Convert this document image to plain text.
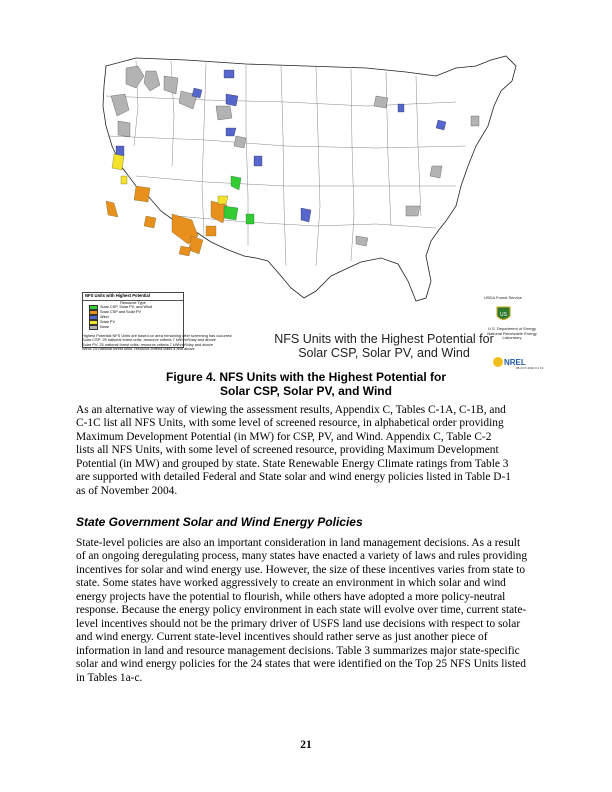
NFS Units with Highest Potential
Resource Type
Solar CSP, Solar PV, and Wind
Solar CSP and Solar PV
Wind
Solar PV
None
Highest Potential NFS Units are based on area remaining after screening has occurred:
Solar CSP: 25 national forest units, resource criteria 7 kWh/m²/day and above
Solar PV: 25 national forest units, resource criteria 7 kWh/m²/day and above
Wind: 25 national forest units, resource criteria class 4 and above
NFS Units with the Highest Potential for
Solar CSP, Solar PV, and Wind
USDA Forest Service
US
U.S. Department of Energy National Renewable Energy Laboratory
NREL
08-OCT-2004 0.1.19
Figure 4. NFS Units with the Highest Potential for
Solar CSP, Solar PV, and Wind

As an alternative way of viewing the assessment results, Appendix C, Tables C-1A, C-1B, and
C-1C list all NFS Units, with some level of screened resource, in alphabetical order providing
Maximum Development Potential (in MW) for CSP, PV, and Wind. Appendix C, Table C-2
lists all NFS Units, with some level of screened resource, providing Maximum Development
Potential (in MW) and grouped by state. State Renewable Energy Climate ratings from Table 3
are supported with detailed Federal and State solar and wind energy policies listed in Table D-1
as of November 2004.

State Government Solar and Wind Energy Policies

State-level policies are also an important consideration in land management decisions. As a result
of an ongoing deregulating process, many states have enacted a variety of laws and rules providing
incentives for solar and wind energy use. However, the size of these incentives varies from state to
state. Some states have worked aggressively to create an environment in which solar and wind
energy projects have the potential to flourish, while others have adopted a more policy-neutral
response. Because the energy policy environment in each state will evolve over time, current state-
level incentives should not be the primary driver of USFS land use decisions with respect to solar
and wind energy. Current state-level incentives should rather serve as just another piece of
information in land and resource management decisions. Table 3 summarizes major state-specific
solar and wind energy policies for the 24 states that were identified on the Top 25 NFS Units listed
in Tables 1a-c.

21
